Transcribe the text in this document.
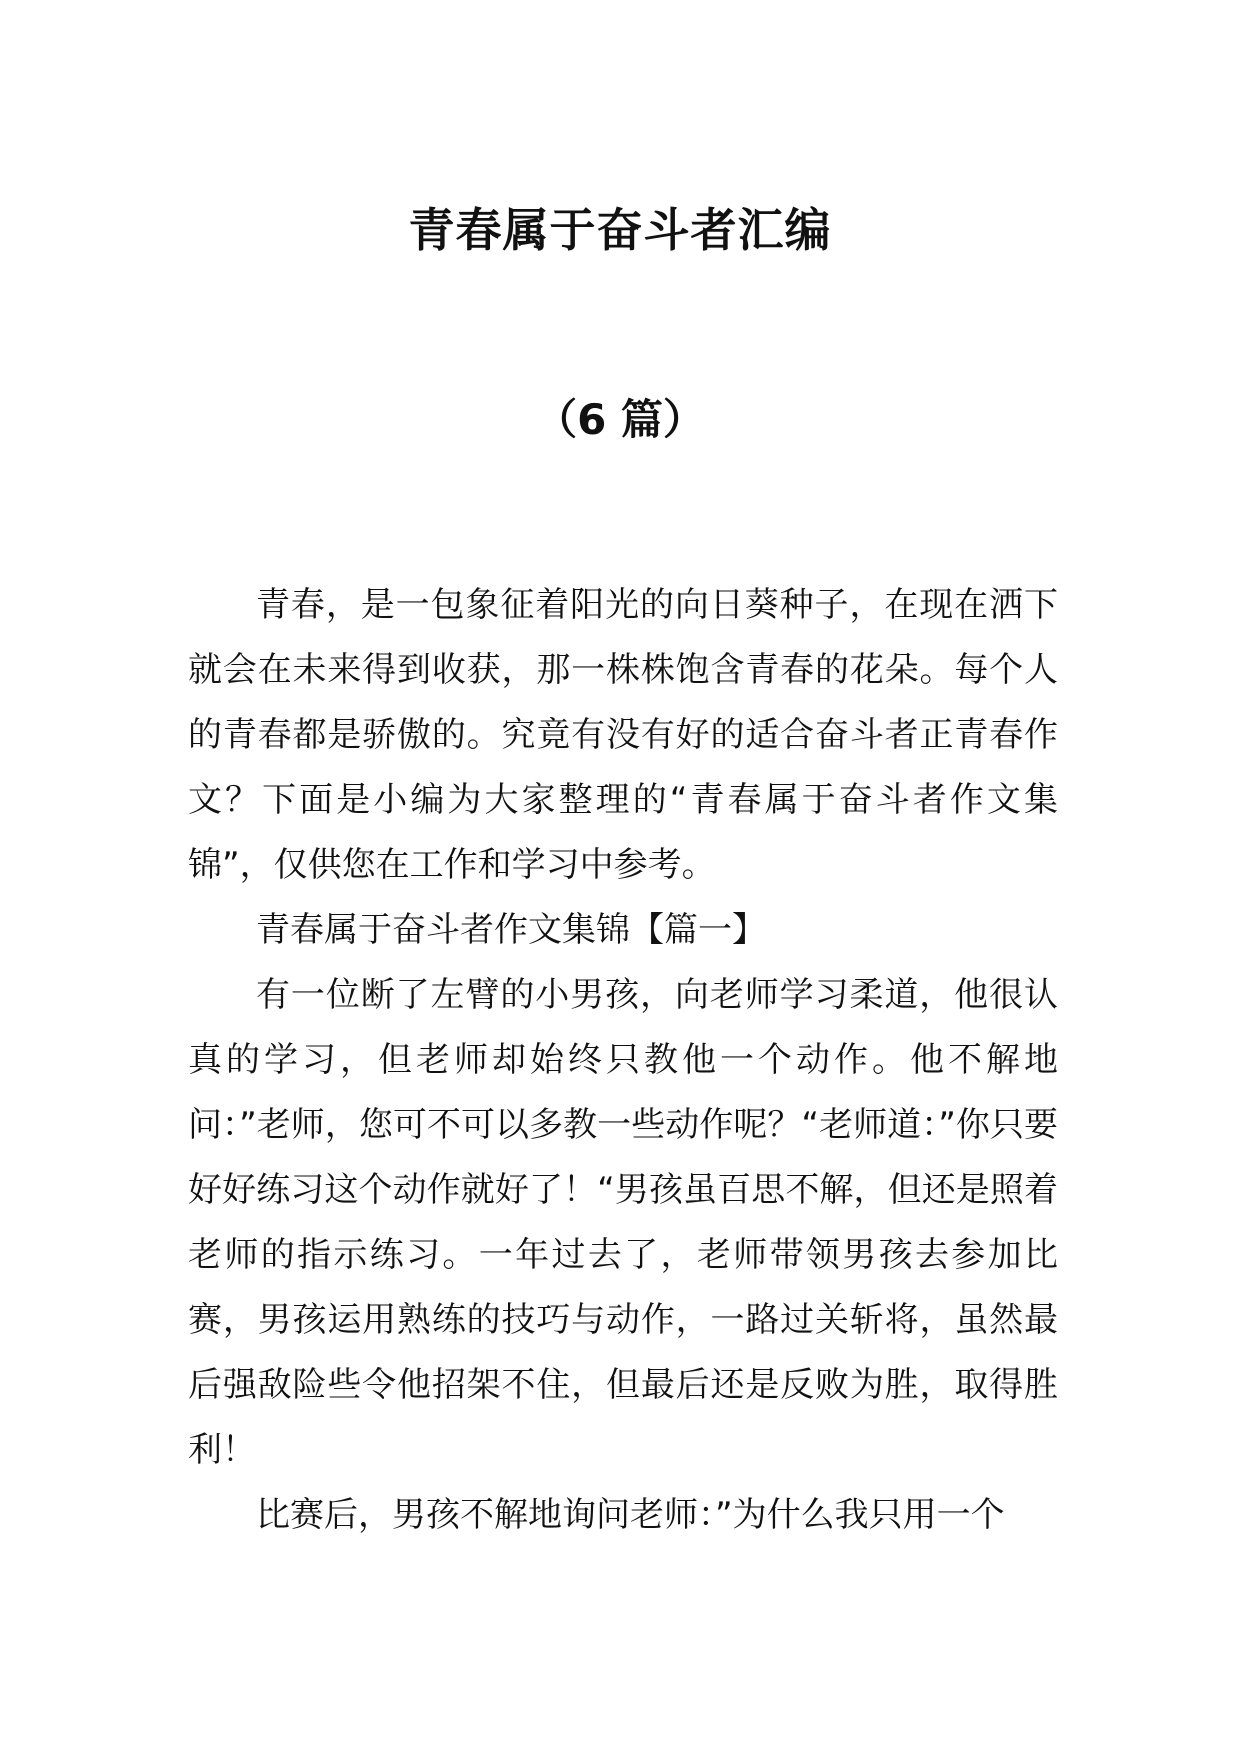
青春属于奋斗者汇编
（6 篇）

青春，是一包象征着阳光的向日葵种子，在现在洒下就会在未来得到收获，那一株株饱含青春的花朵。每个人的青春都是骄傲的。究竟有没有好的适合奋斗者正青春作文？下面是小编为大家整理的“青春属于奋斗者作文集锦”，仅供您在工作和学习中参考。

青春属于奋斗者作文集锦【篇一】

有一位断了左臂的小男孩，向老师学习柔道，他很认真的学习，但老师却始终只教他一个动作。他不解地问：”老师，您可不可以多教一些动作呢？“老师道：”你只要好好练习这个动作就好了！“男孩虽百思不解，但还是照着老师的指示练习。一年过去了，老师带领男孩去参加比赛，男孩运用熟练的技巧与动作，一路过关斩将，虽然最后强敌险些令他招架不住，但最后还是反败为胜，取得胜利！

比赛后，男孩不解地询问老师：”为什么我只用一个
